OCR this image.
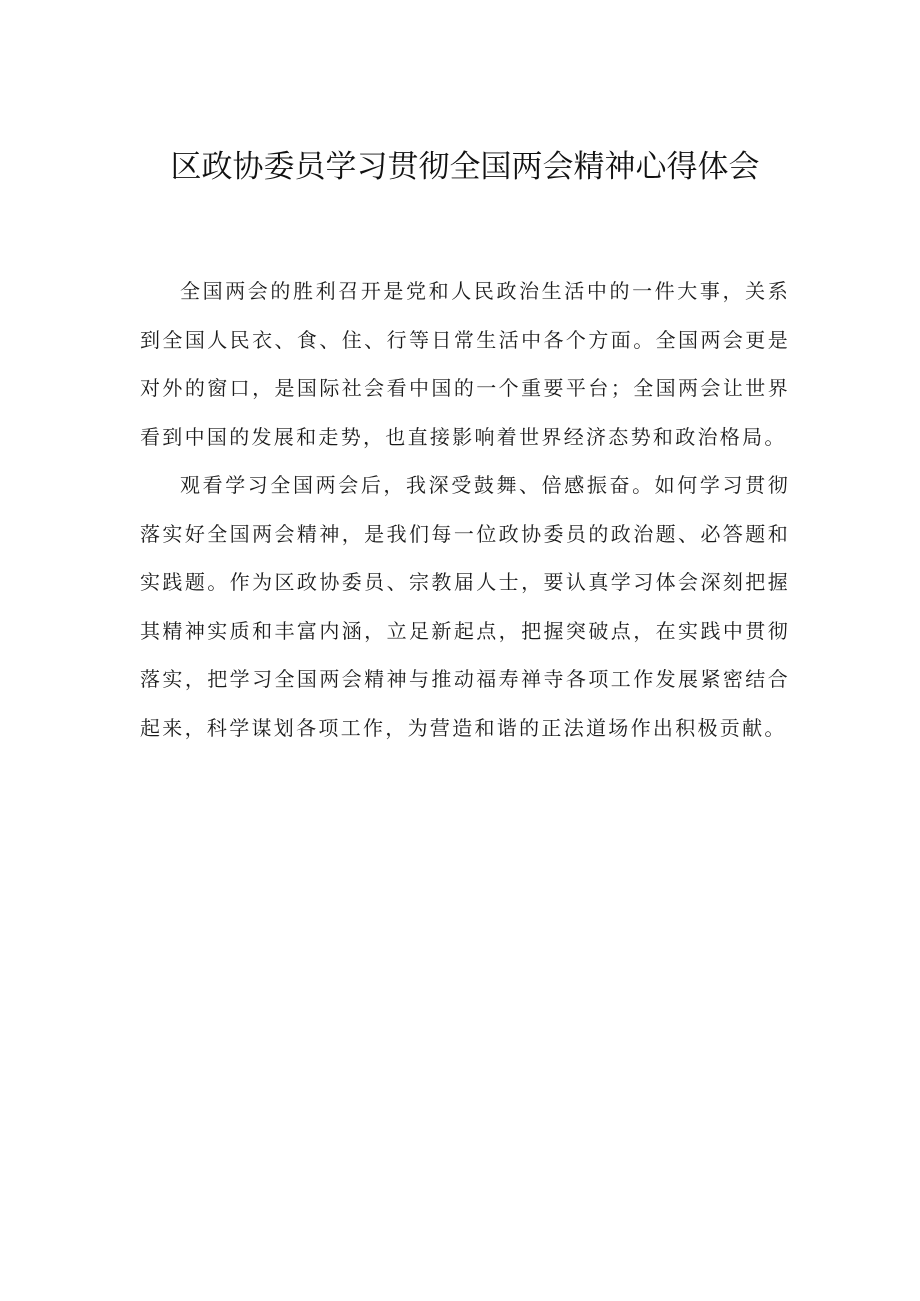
区政协委员学习贯彻全国两会精神心得体会

全国两会的胜利召开是党和人民政治生活中的一件大事，关系到全国人民衣、食、住、行等日常生活中各个方面。全国两会更是对外的窗口，是国际社会看中国的一个重要平台；全国两会让世界看到中国的发展和走势，也直接影响着世界经济态势和政治格局。

观看学习全国两会后，我深受鼓舞、倍感振奋。如何学习贯彻落实好全国两会精神，是我们每一位政协委员的政治题、必答题和实践题。作为区政协委员、宗教届人士，要认真学习体会深刻把握其精神实质和丰富内涵，立足新起点，把握突破点，在实践中贯彻落实，把学习全国两会精神与推动福寿禅寺各项工作发展紧密结合起来，科学谋划各项工作，为营造和谐的正法道场作出积极贡献。
